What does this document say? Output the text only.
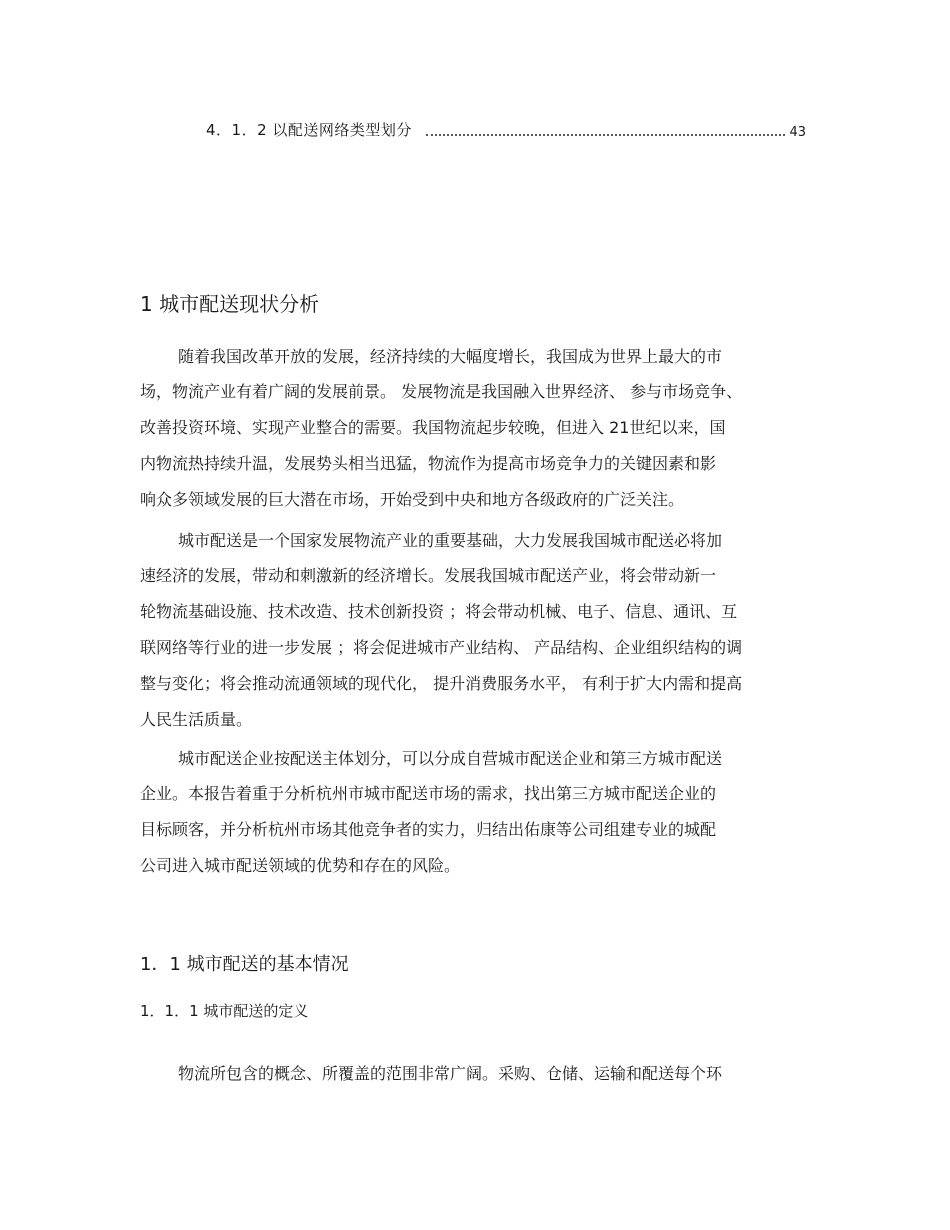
4．1．2 以配送网络类型划分	43
1 城市配送现状分析
随着我国改革开放的发展，经济持续的大幅度增长，我国成为世界上最大的市
场，物流产业有着广阔的发展前景。 发展物流是我国融入世界经济、 参与市场竞争、
改善投资环境、实现产业整合的需要。我国物流起步较晚，但进入 21世纪以来，国
内物流热持续升温，发展势头相当迅猛，物流作为提高市场竞争力的关键因素和影
响众多领域发展的巨大潜在市场，开始受到中央和地方各级政府的广泛关注。
城市配送是一个国家发展物流产业的重要基础，大力发展我国城市配送必将加
速经济的发展，带动和刺激新的经济增长。发展我国城市配送产业，将会带动新一
轮物流基础设施、技术改造、技术创新投资 ；将会带动机械、电子、信息、通讯、互
联网络等行业的进一步发展 ；将会促进城市产业结构、 产品结构、企业组织结构的调
整与变化；将会推动流通领域的现代化， 提升消费服务水平， 有利于扩大内需和提高
人民生活质量。
城市配送企业按配送主体划分，可以分成自营城市配送企业和第三方城市配送
企业。本报告着重于分析杭州市城市配送市场的需求，找出第三方城市配送企业的
目标顾客，并分析杭州市场其他竞争者的实力，归结出佑康等公司组建专业的城配
公司进入城市配送领域的优势和存在的风险。
1．1 城市配送的基本情况
1．1．1 城市配送的定义
物流所包含的概念、所覆盖的范围非常广阔。采购、仓储、运输和配送每个环
